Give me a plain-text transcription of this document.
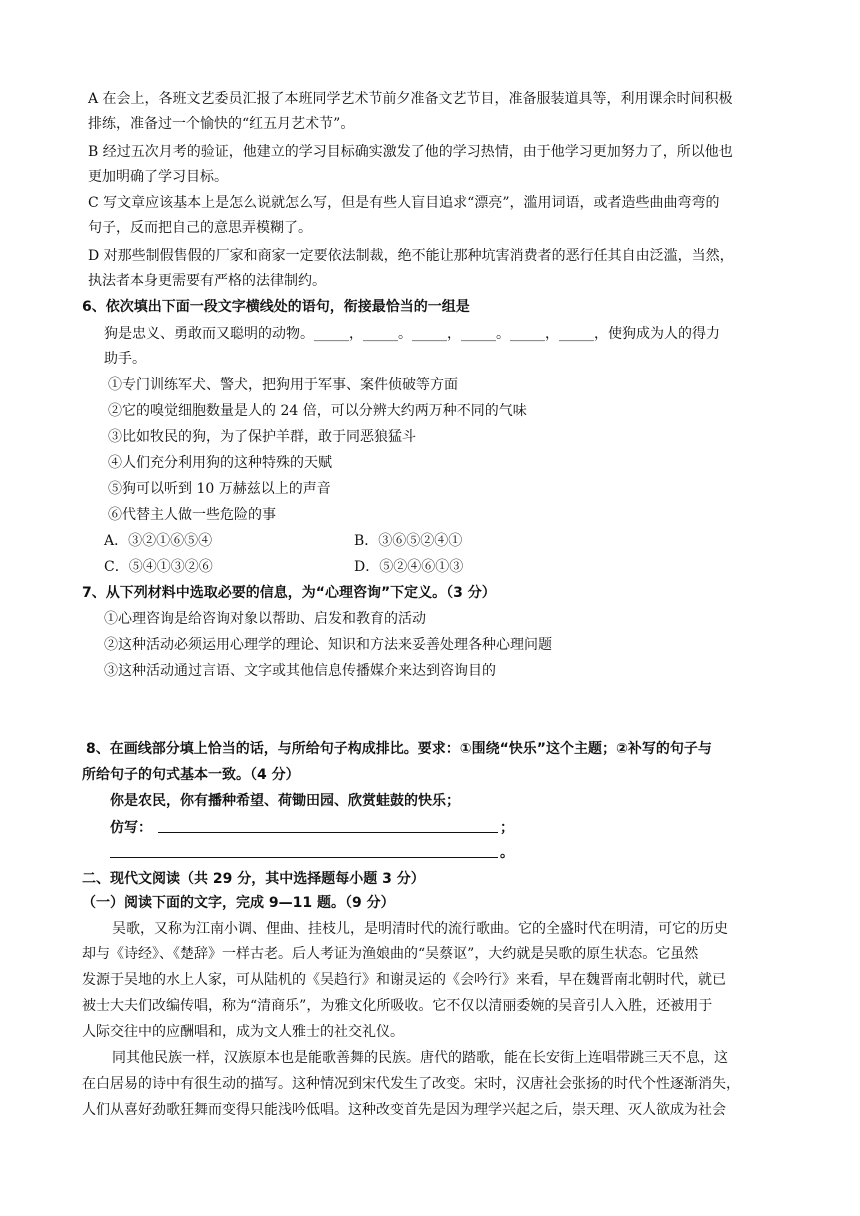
A 在会上，各班文艺委员汇报了本班同学艺术节前夕准备文艺节目，准备服装道具等，利用课余时间积极
排练，准备过一个愉快的“红五月艺术节”。
B 经过五次月考的验证，他建立的学习目标确实激发了他的学习热情，由于他学习更加努力了，所以他也
更加明确了学习目标。
C 写文章应该基本上是怎么说就怎么写，但是有些人盲目追求“漂亮”，滥用词语，或者造些曲曲弯弯的
句子，反而把自己的意思弄模糊了。
D 对那些制假售假的厂家和商家一定要依法制裁，绝不能让那种坑害消费者的恶行任其自由泛滥，当然，
执法者本身更需要有严格的法律制约。
6、依次填出下面一段文字横线处的语句，衔接最恰当的一组是
狗是忠义、勇敢而又聪明的动物。_____，_____。_____，_____。_____，_____，使狗成为人的得力
助手。
①专门训练军犬、警犬，把狗用于军事、案件侦破等方面
②它的嗅觉细胞数量是人的 24 倍，可以分辨大约两万种不同的气味
③比如牧民的狗，为了保护羊群，敢于同恶狼猛斗
④人们充分利用狗的这种特殊的天赋
⑤狗可以听到 10 万赫兹以上的声音
⑥代替主人做一些危险的事
A．③②①⑥⑤④	B．③⑥⑤②④①
C．⑤④①③②⑥	D．⑤②④⑥①③
7、从下列材料中选取必要的信息，为“心理咨询”下定义。（3 分）
①心理咨询是给咨询对象以帮助、启发和教育的活动
②这种活动必须运用心理学的理论、知识和方法来妥善处理各种心理问题
③这种活动通过言语、文字或其他信息传播媒介来达到咨询目的
8、在画线部分填上恰当的话，与所给句子构成排比。要求：①围绕“快乐”这个主题；②补写的句子与
所给句子的句式基本一致。（4 分）
你是农民，你有播种希望、荷锄田园、欣赏蛙鼓的快乐；
仿写：	；
。
二、现代文阅读（共 29 分，其中选择题每小题 3 分）
（一）阅读下面的文字，完成 9—11 题。（9 分）
吴歌，又称为江南小调、俚曲、挂枝儿，是明清时代的流行歌曲。它的全盛时代在明清，可它的历史
却与《诗经》、《楚辞》一样古老。后人考证为渔娘曲的“吴蔡讴”，大约就是吴歌的原生状态。它虽然
发源于吴地的水上人家，可从陆机的《吴趋行》和谢灵运的《会吟行》来看，早在魏晋南北朝时代，就已
被士大夫们改编传唱，称为“清商乐”，为雅文化所吸收。它不仅以清丽委婉的吴音引人入胜，还被用于
人际交往中的应酬唱和，成为文人雅士的社交礼仪。
同其他民族一样，汉族原本也是能歌善舞的民族。唐代的踏歌，能在长安街上连唱带跳三天不息，这
在白居易的诗中有很生动的描写。这种情况到宋代发生了改变。宋时，汉唐社会张扬的时代个性逐渐消失，
人们从喜好劲歌狂舞而变得只能浅吟低唱。这种改变首先是因为理学兴起之后，崇天理、灭人欲成为社会
